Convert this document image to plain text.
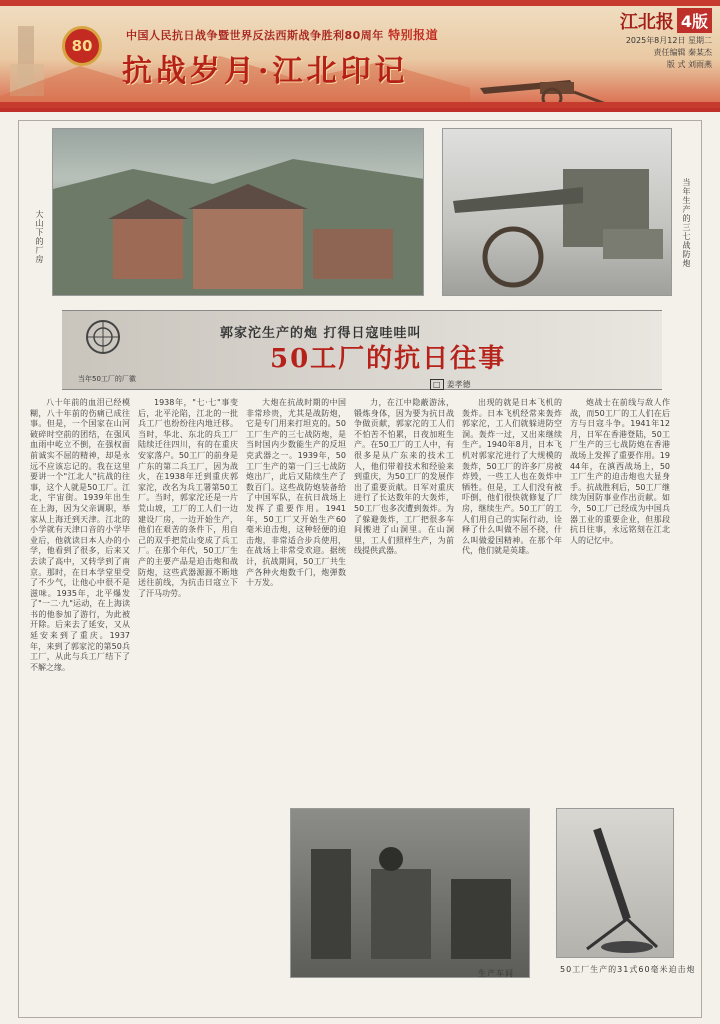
80
中国人民抗日战争暨世界反法西斯战争胜利80周年 特别报道
抗战岁月·江北印记
江北报 4版
2025年8月12日 星期二
责任编辑 秦某杰
版 式 刘雨燕
大山下的厂房	当年生产的三七战防炮
当年50工厂的厂徽
郭家沱生产的炮 打得日寇哇哇叫
50工厂的抗日往事
□ 姜孝德

八十年前的血泪已经模糊，八十年前的伤痛已成往事。但是，一个国家在山河破碎时空前的团结，在强风血雨中屹立不倒，在强权面前诚实不屈的精神，却是永远不应该忘记的。我在这里要讲一个"江北人"抗战的往事，这个人就是50工厂。江北，宇宙街。1939年出生在上海，因为父亲调职，举家从上海迁到天津。江北的小学就有天津口音的小学毕业后，他就读日本人办的小学，他看到了很多，后来又去读了高中，又转学到了南京。那时，在日本学堂里受了不少气，让他心中很不是滋味。1935年，北平爆发了"一二·九"运动，在上海读书的他参加了游行，为此被开除。后来去了延安，又从延安来到了重庆。1937年，来到了郭家沱的第50兵工厂，从此与兵工厂结下了不解之缘。

1938年，"七·七"事变后，北平沦陷，江北的一批兵工厂也纷纷往内地迁移。当时，华北、东北的兵工厂陆续迁往四川，有的在重庆安家落户。50工厂的前身是广东的第二兵工厂，因为战火，在1938年迁到重庆郭家沱，改名为兵工署第50工厂。当时，郭家沱还是一片荒山坡，工厂的工人们一边建设厂房，一边开始生产，他们在艰苦的条件下，用自己的双手把荒山变成了兵工厂。在那个年代，50工厂生产的主要产品是迫击炮和战防炮，这些武器源源不断地送往前线，为抗击日寇立下了汗马功劳。

大炮在抗战时期的中国非常珍贵，尤其是战防炮，它是专门用来打坦克的。50工厂生产的三七战防炮，是当时国内少数能生产的反坦克武器之一。1939年，50工厂生产的第一门三七战防炮出厂，此后又陆续生产了数百门。这些战防炮装备给了中国军队，在抗日战场上发挥了重要作用。1941年，50工厂又开始生产60毫米迫击炮，这种轻便的迫击炮，非常适合步兵使用，在战场上非常受欢迎。据统计，抗战期间，50工厂共生产各种火炮数千门，炮弹数十万发。

力，在江中隐蔽游泳，锻炼身体，因为要为抗日战争做贡献，郭家沱的工人们不怕苦不怕累，日夜加班生产。在50工厂的工人中，有很多是从广东来的技术工人，他们带着技术和经验来到重庆，为50工厂的发展作出了重要贡献。日军对重庆进行了长达数年的大轰炸，50工厂也多次遭到轰炸。为了躲避轰炸，工厂把很多车间搬进了山洞里。在山洞里，工人们照样生产，为前线提供武器。

出现的就是日本飞机的轰炸。日本飞机经常来轰炸郭家沱，工人们就躲进防空洞。轰炸一过，又出来继续生产。1940年8月，日本飞机对郭家沱进行了大规模的轰炸，50工厂的许多厂房被炸毁，一些工人也在轰炸中牺牲。但是，工人们没有被吓倒，他们很快就修复了厂房，继续生产。50工厂的工人们用自己的实际行动，诠释了什么叫做不屈不挠，什么叫做爱国精神。在那个年代，他们就是英雄。

炮战士在前线与敌人作战，而50工厂的工人们在后方与日寇斗争。1941年12月，日军在香港登陆，50工厂生产的三七战防炮在香港战场上发挥了重要作用。1944年，在滇西战场上，50工厂生产的迫击炮也大显身手。抗战胜利后，50工厂继续为国防事业作出贡献。如今，50工厂已经成为中国兵器工业的重要企业，但那段抗日往事，永远铭刻在江北人的记忆中。

生产车间	50工厂生产的31式60毫米迫击炮
